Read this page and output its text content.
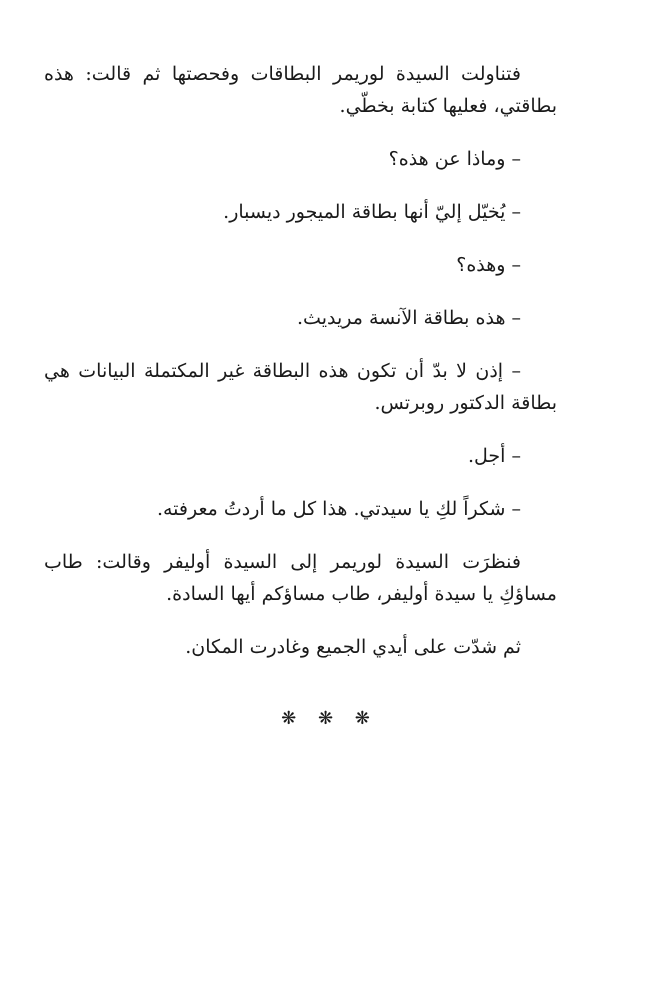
فتناولت السيدة لوريمر البطاقات وفحصتها ثم قالت: هذه بطاقتي، فعليها كتابة بخطّي.

– وماذا عن هذه؟

– يُخيّل إليّ أنها بطاقة الميجور ديسبار.

– وهذه؟

– هذه بطاقة الآنسة مريديث.

– إذن لا بدّ أن تكون هذه البطاقة غير المكتملة البيانات هي بطاقة الدكتور روبرتس.

– أجل.

– شكراً لكِ يا سيدتي. هذا كل ما أردتُ معرفته.

فنظرَت السيدة لوريمر إلى السيدة أوليفر وقالت: طاب مساؤكِ يا سيدة أوليفر، طاب مساؤكم أيها السادة.

ثم شدّت على أيدي الجميع وغادرت المكان.

❋ ❋ ❋
